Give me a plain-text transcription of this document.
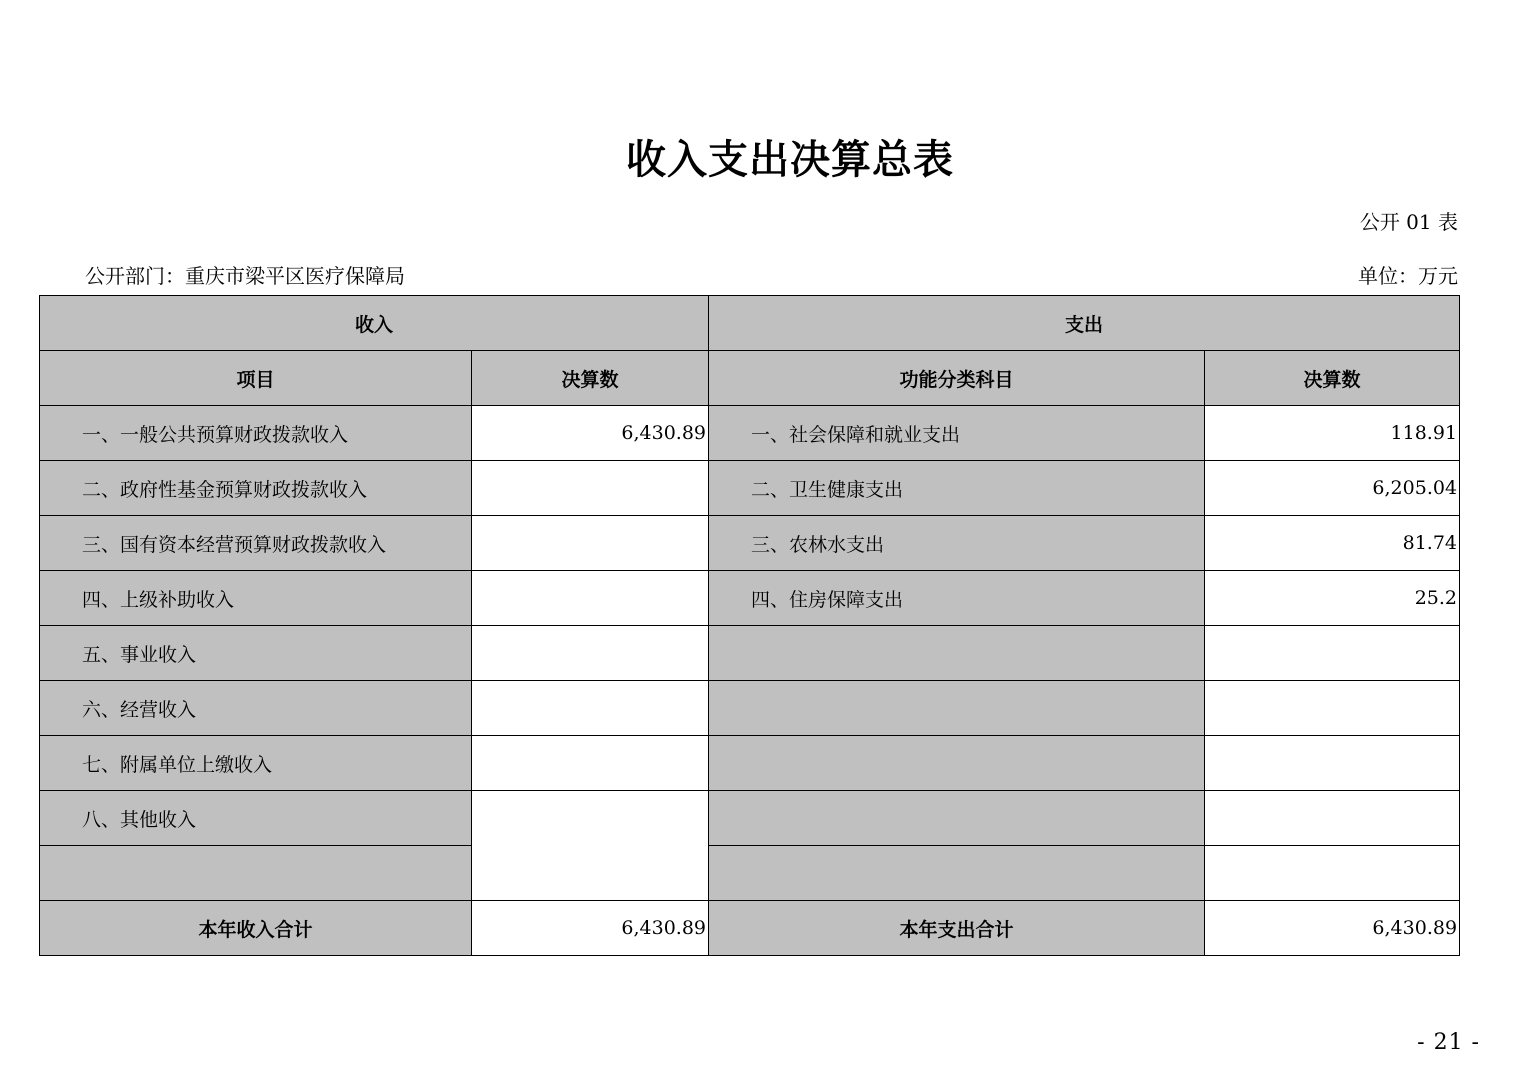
收入支出决算总表
公开 01 表
公开部门：重庆市梁平区医疗保障局	单位：万元
收入		支出	
项目	决算数	功能分类科目	决算数
一、一般公共预算财政拨款收入	6,430.89	一、社会保障和就业支出	118.91
二、政府性基金预算财政拨款收入		二、卫生健康支出	6,205.04
三、国有资本经营预算财政拨款收入		三、农林水支出	81.74
四、上级补助收入		四、住房保障支出	25.2
五、事业收入			
六、经营收入			
七、附属单位上缴收入			
八、其他收入			

本年收入合计	6,430.89	本年支出合计	6,430.89
- 21 -
